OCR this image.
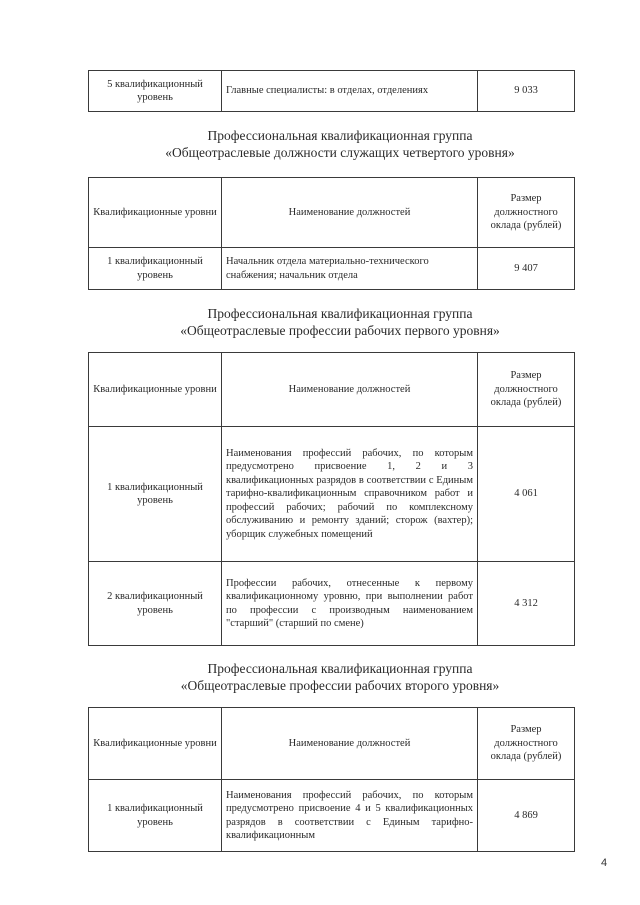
5 квалификационный уровень	Главные специалисты: в отделах, отделениях	9 033
Профессиональная квалификационная группа
«Общеотраслевые должности служащих четвертого уровня»
Квалификационные уровни	Наименование должностей	Размер должностного оклада (рублей)
1 квалификационный уровень	Начальник отдела материально-технического снабжения; начальник отдела	9 407
Профессиональная квалификационная группа
«Общеотраслевые профессии рабочих первого уровня»
Квалификационные уровни	Наименование должностей	Размер должностного оклада (рублей)
1 квалификационный уровень	Наименования профессий рабочих, по которым предусмотрено присвоение 1, 2 и 3 квалификационных разрядов в соответствии с Единым тарифно-квалификационным справочником работ и профессий рабочих; рабочий по комплексному обслуживанию и ремонту зданий; сторож (вахтер); уборщик служебных помещений	4 061
2 квалификационный уровень	Профессии рабочих, отнесенные к первому квалификационному уровню, при выполнении работ по профессии с производным наименованием "старший" (старший по смене)	4 312
Профессиональная квалификационная группа
«Общеотраслевые профессии рабочих второго уровня»
Квалификационные уровни	Наименование должностей	Размер должностного оклада (рублей)
1 квалификационный уровень	Наименования профессий рабочих, по которым предусмотрено присвоение 4 и 5 квалификационных разрядов в соответствии с Единым тарифно-квалификационным	4 869
4
